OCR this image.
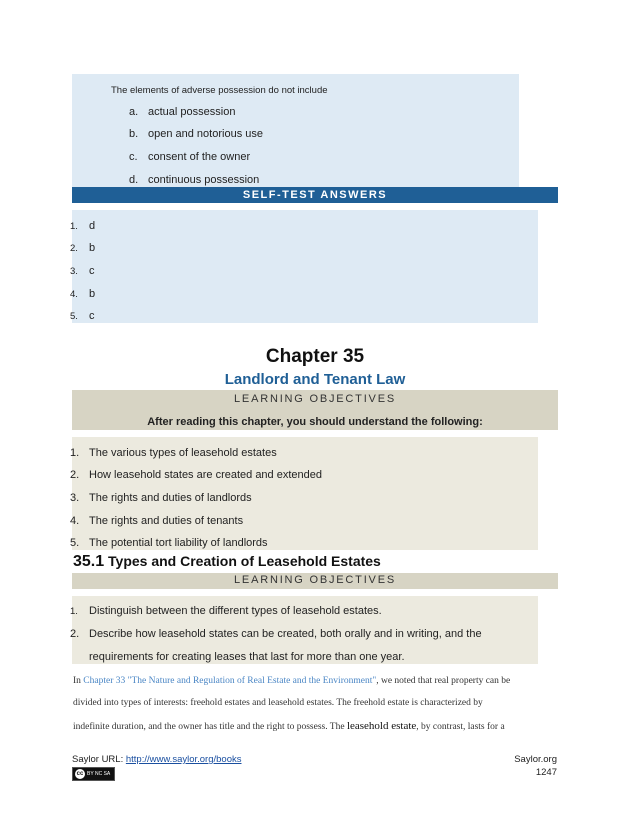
The elements of adverse possession do not include
a. actual possession
b. open and notorious use
c. consent of the owner
d. continuous possession
SELF-TEST ANSWERS
1. d
2. b
3. c
4. b
5. c
Chapter 35
Landlord and Tenant Law
LEARNING OBJECTIVES
After reading this chapter, you should understand the following:
1. The various types of leasehold estates
2. How leasehold states are created and extended
3. The rights and duties of landlords
4. The rights and duties of tenants
5. The potential tort liability of landlords
35.1 Types and Creation of Leasehold Estates
LEARNING OBJECTIVES
1. Distinguish between the different types of leasehold estates.
2. Describe how leasehold states can be created, both orally and in writing, and the
requirements for creating leases that last for more than one year.
In Chapter 33 "The Nature and Regulation of Real Estate and the Environment", we noted that real property can be
divided into types of interests: freehold estates and leasehold estates. The freehold estate is characterized by
indefinite duration, and the owner has title and the right to possess. The leasehold estate, by contrast, lasts for a
Saylor URL: http://www.saylor.org/books	Saylor.org
1247
cc BY NC SA
